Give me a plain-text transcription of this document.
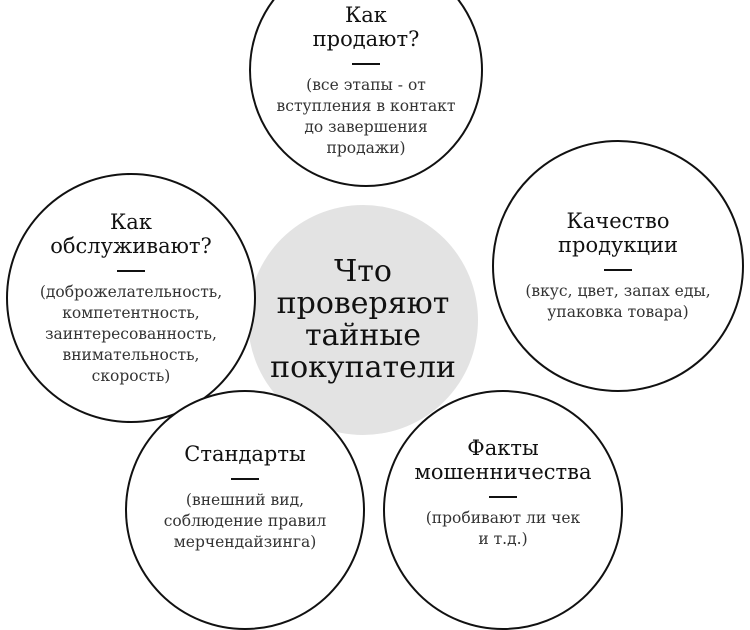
Что
проверяют
тайные
покупатели
Как
продают?
(все этапы - от
вступления в контакт
до завершения
продажи)
Как
обслуживают?
(доброжелательность,
компетентность,
заинтересованность,
внимательность,
скорость)
Качество
продукции
(вкус, цвет, запах еды,
упаковка товара)
Стандарты
(внешний вид,
соблюдение правил
мерчендайзинга)
Факты
мошенничества
(пробивают ли чек
и т.д.)
